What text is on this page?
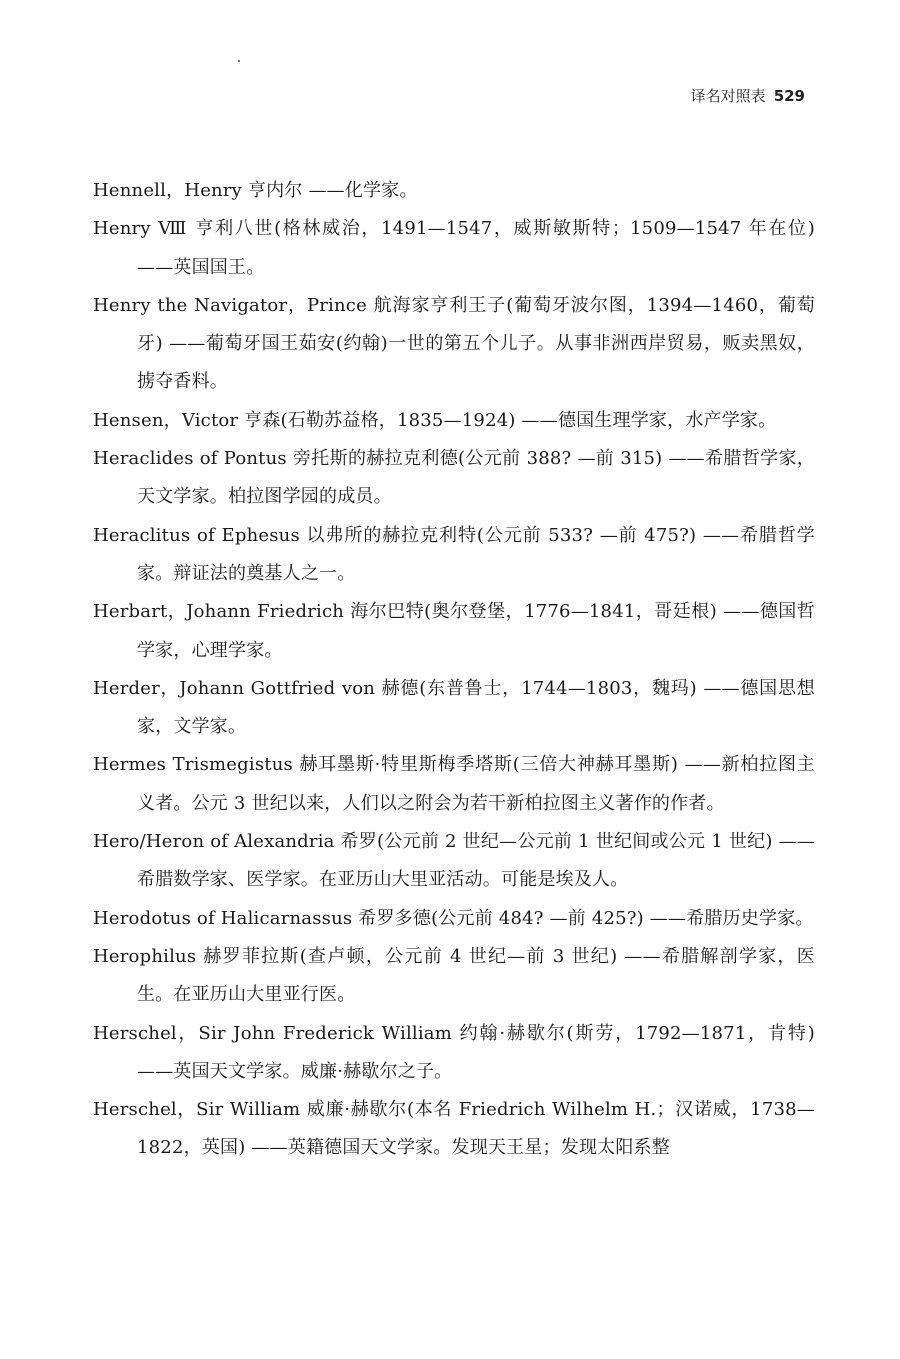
译名对照表 529

Hennell，Henry 亨内尔 ——化学家。

Henry Ⅷ 亨利八世(格林威治，1491—1547，威斯敏斯特；1509—1547 年在位) ——英国国王。

Henry the Navigator，Prince 航海家亨利王子(葡萄牙波尔图，1394—1460，葡萄牙) ——葡萄牙国王茹安(约翰)一世的第五个儿子。从事非洲西岸贸易，贩卖黑奴，掳夺香料。

Hensen，Victor 亨森(石勒苏益格，1835—1924) ——德国生理学家，水产学家。

Heraclides of Pontus 旁托斯的赫拉克利德(公元前 388? —前 315) ——希腊哲学家，天文学家。柏拉图学园的成员。

Heraclitus of Ephesus 以弗所的赫拉克利特(公元前 533? —前 475?) ——希腊哲学家。辩证法的奠基人之一。

Herbart，Johann Friedrich 海尔巴特(奥尔登堡，1776—1841，哥廷根) ——德国哲学家，心理学家。

Herder，Johann Gottfried von 赫德(东普鲁士，1744—1803，魏玛) ——德国思想家，文学家。

Hermes Trismegistus 赫耳墨斯·特里斯梅季塔斯(三倍大神赫耳墨斯) ——新柏拉图主义者。公元 3 世纪以来，人们以之附会为若干新柏拉图主义著作的作者。

Hero/Heron of Alexandria 希罗(公元前 2 世纪—公元前 1 世纪间或公元 1 世纪) ——希腊数学家、医学家。在亚历山大里亚活动。可能是埃及人。

Herodotus of Halicarnassus 希罗多德(公元前 484? —前 425?) ——希腊历史学家。

Herophilus 赫罗菲拉斯(查卢顿，公元前 4 世纪—前 3 世纪) ——希腊解剖学家，医生。在亚历山大里亚行医。

Herschel，Sir John Frederick William 约翰·赫歇尔(斯劳，1792—1871，肯特) ——英国天文学家。威廉·赫歇尔之子。

Herschel，Sir William 威廉·赫歇尔(本名 Friedrich Wilhelm H.；汉诺威，1738—1822，英国) ——英籍德国天文学家。发现天王星；发现太阳系整
